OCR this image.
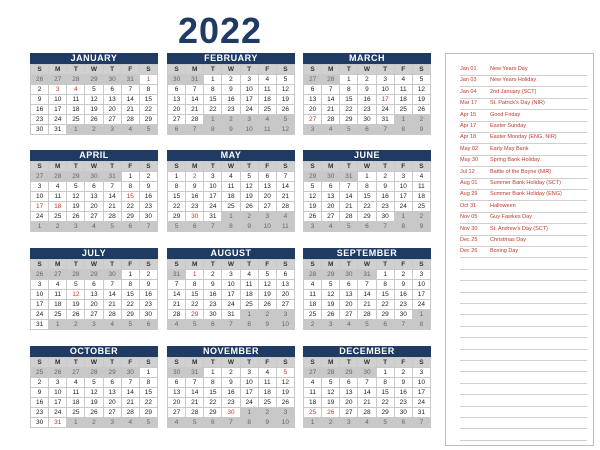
2022
JANUARY
S	M	T	W	T	F	S
26	27	28	29	30	31	1
2	3	4	5	6	7	8
9	10	11	12	13	14	15
16	17	18	19	20	21	22
23	24	25	26	27	28	29
30	31	1	2	3	4	5
FEBRUARY
S	M	T	W	T	F	S
30	31	1	2	3	4	5
6	7	8	9	10	11	12
13	14	15	16	17	18	19
20	21	22	23	24	25	26
27	28	1	2	3	4	5
6	7	8	9	10	11	12
MARCH
S	M	T	W	T	F	S
27	28	1	2	3	4	5
6	7	8	9	10	11	12
13	14	15	16	17	18	19
20	21	22	23	24	25	26
27	28	29	30	31	1	2
3	4	5	6	7	8	9
APRIL
S	M	T	W	T	F	S
27	28	29	30	31	1	2
3	4	5	6	7	8	9
10	11	12	13	14	15	16
17	18	19	20	21	22	23
24	25	26	27	28	29	30
1	2	3	4	5	6	7
MAY
S	M	T	W	T	F	S
1	2	3	4	5	6	7
8	9	10	11	12	13	14
15	16	17	18	19	20	21
22	23	24	25	26	27	28
29	30	31	1	2	3	4
5	6	7	8	9	10	11
JUNE
S	M	T	W	T	F	S
29	30	31	1	2	3	4
5	6	7	8	9	10	11
12	13	14	15	16	17	18
19	20	21	22	23	24	25
26	27	28	29	30	1	2
3	4	5	6	7	8	9
JULY
S	M	T	W	T	F	S
26	27	28	29	30	1	2
3	4	5	6	7	8	9
10	11	12	13	14	15	16
17	18	19	20	21	22	23
24	25	26	27	28	29	30
31	1	2	3	4	5	6
AUGUST
S	M	T	W	T	F	S
31	1	2	3	4	5	6
7	8	9	10	11	12	13
14	15	16	17	18	19	20
21	22	23	24	25	26	27
28	29	30	31	1	2	3
4	5	6	7	8	9	10
SEPTEMBER
S	M	T	W	T	F	S
28	29	30	31	1	2	3
4	5	6	7	8	9	10
11	12	13	14	15	16	17
18	19	20	21	22	23	24
25	26	27	28	29	30	1
2	3	4	5	6	7	8
OCTOBER
S	M	T	W	T	F	S
25	26	27	28	29	30	1
2	3	4	5	6	7	8
9	10	11	12	13	14	15
16	17	18	19	20	21	22
23	24	25	26	27	28	29
30	31	1	2	3	4	5
NOVEMBER
S	M	T	W	T	F	S
30	31	1	2	3	4	5
6	7	8	9	10	11	12
13	14	15	16	17	18	19
20	21	22	23	24	25	26
27	28	29	30	1	2	3
4	5	6	7	8	9	10
DECEMBER
S	M	T	W	T	F	S
27	28	29	30	1	2	3
4	5	6	7	8	9	10
11	12	13	14	15	16	17
18	19	20	21	22	23	24
25	26	27	28	29	30	31
1	2	3	4	5	6	7
Jan 01 New Years Day
Jan 03 New Years Holiday
Jan 04 2nd January (SCT)
Mar 17 St. Patrick's Day (NIR)
Apr 15	Good Friday
Apr 17	Easter Sunday
Apr 18	Easter Monday (ENG, NIR)
May 02 Early May Bank
May 30 Spring Bank Holiday
Jul 12	Battle of the Boyne (NIR)
Aug 01 Summer Bank Holiday (SCT)
Aug 29 Summer Bank Holiday (ENG)
Oct 31	Halloween
Nov 05 Guy Fawkes Day
Nov 30 St. Andrew's Day (SCT)
Dec 25 Christmas Day
Dec 26 Boxing Day
